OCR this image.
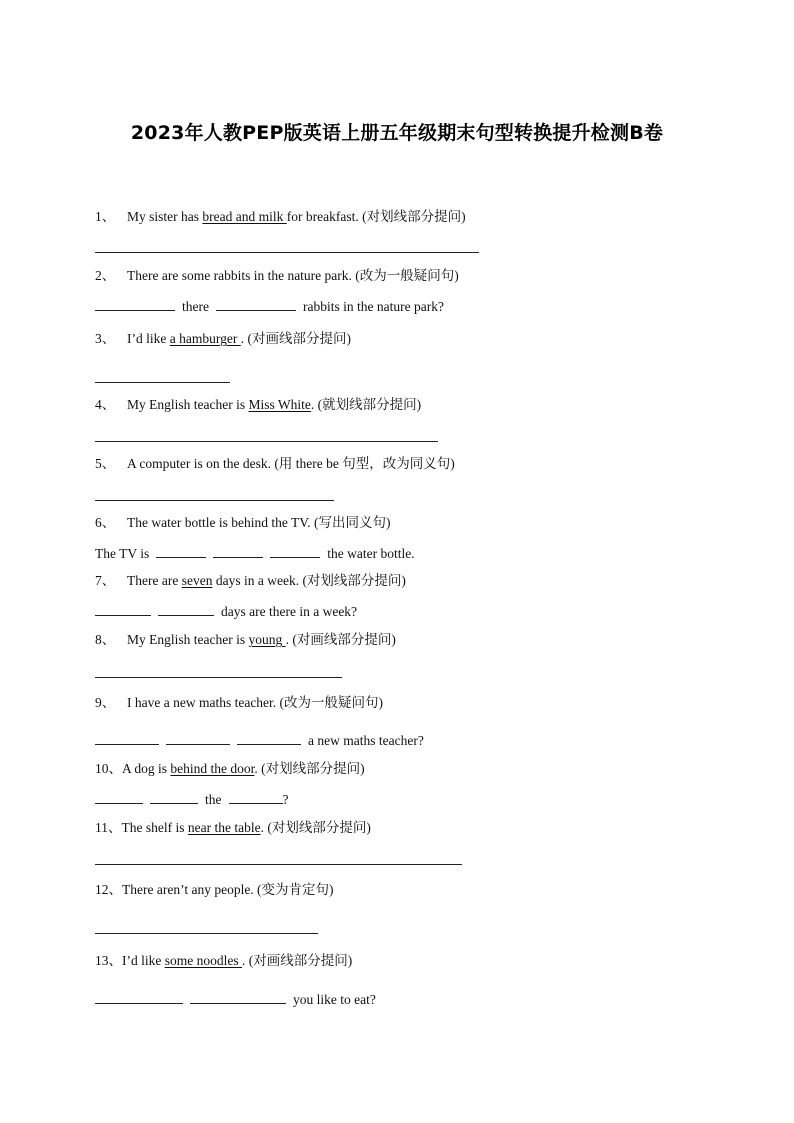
2023年人教PEP版英语上册五年级期末句型转换提升检测B卷
1、 My sister has bread and milk for breakfast. (对划线部分提问)
2、 There are some rabbits in the nature park. (改为一般疑问句)
there	rabbits in the nature park?
3、 I’d like a hamburger . (对画线部分提问)
4、 My English teacher is Miss White. (就划线部分提问)
5、 A computer is on the desk. (用 there be 句型，改为同义句)
6、 The water bottle is behind the TV. (写出同义句)
The TV is	the water bottle.
7、 There are seven days in a week. (对划线部分提问)
days are there in a week?
8、 My English teacher is young . (对画线部分提问)
9、 I have a new maths teacher. (改为一般疑问句)
a new maths teacher?
10、A dog is behind the door. (对划线部分提问)
the	?
11、The shelf is near the table. (对划线部分提问)
12、There aren’t any people. (变为肯定句)
13、I’d like some noodles . (对画线部分提问)
you like to eat?
